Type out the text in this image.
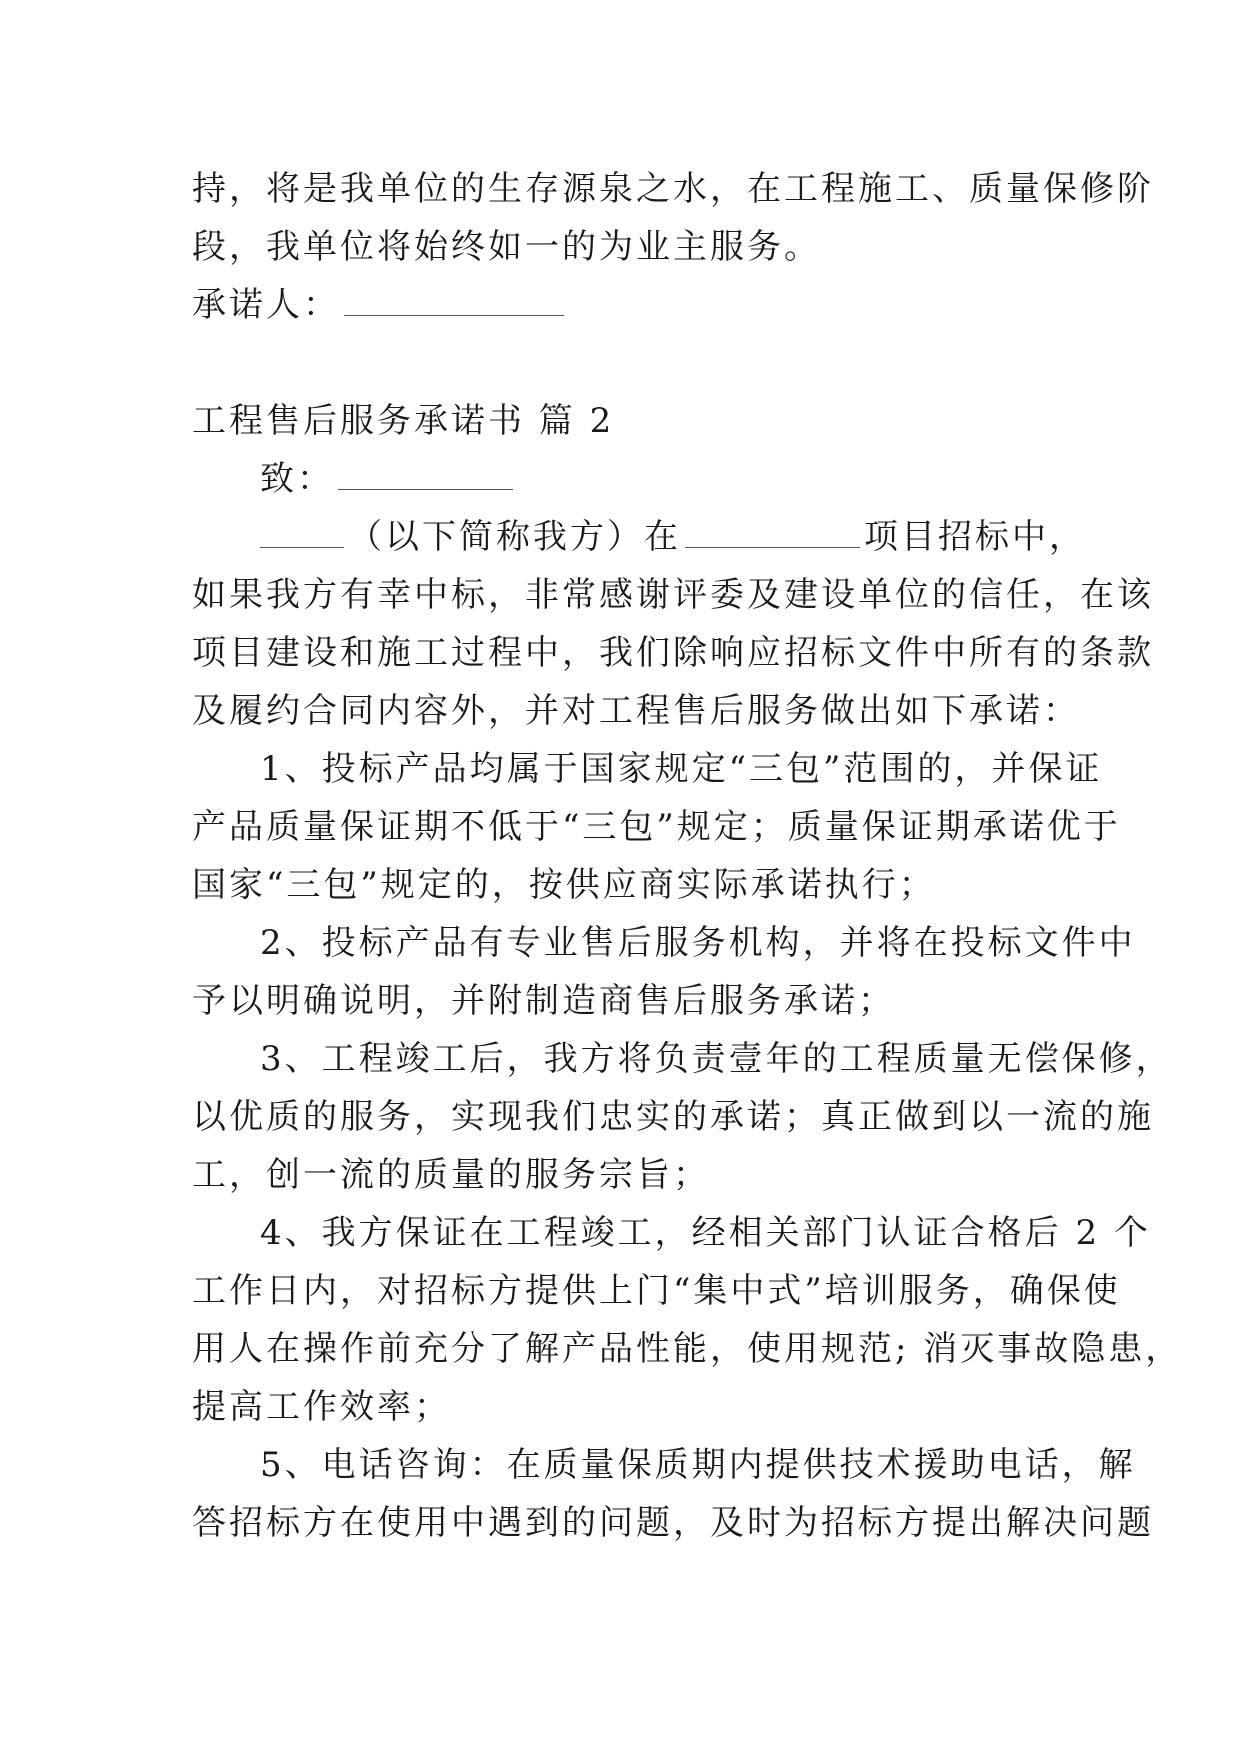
持，将是我单位的生存源泉之水，在工程施工、质量保修阶
段，我单位将始终如一的为业主服务。
承诺人：
工程售后服务承诺书 篇 2
致：
（以下简称我方）在	项目招标中，
如果我方有幸中标，非常感谢评委及建设单位的信任，在该
项目建设和施工过程中，我们除响应招标文件中所有的条款
及履约合同内容外，并对工程售后服务做出如下承诺：
1、投标产品均属于国家规定“三包”范围的，并保证
产品质量保证期不低于“三包”规定；质量保证期承诺优于
国家“三包”规定的，按供应商实际承诺执行；
2、投标产品有专业售后服务机构，并将在投标文件中
予以明确说明，并附制造商售后服务承诺；
3、工程竣工后，我方将负责壹年的工程质量无偿保修，
以优质的服务，实现我们忠实的承诺；真正做到以一流的施
工，创一流的质量的服务宗旨；
4、我方保证在工程竣工，经相关部门认证合格后 2 个
工作日内，对招标方提供上门“集中式”培训服务，确保使
用人在操作前充分了解产品性能，使用规范; 消灭事故隐患，
提高工作效率；
5、电话咨询：在质量保质期内提供技术援助电话，解
答招标方在使用中遇到的问题，及时为招标方提出解决问题
